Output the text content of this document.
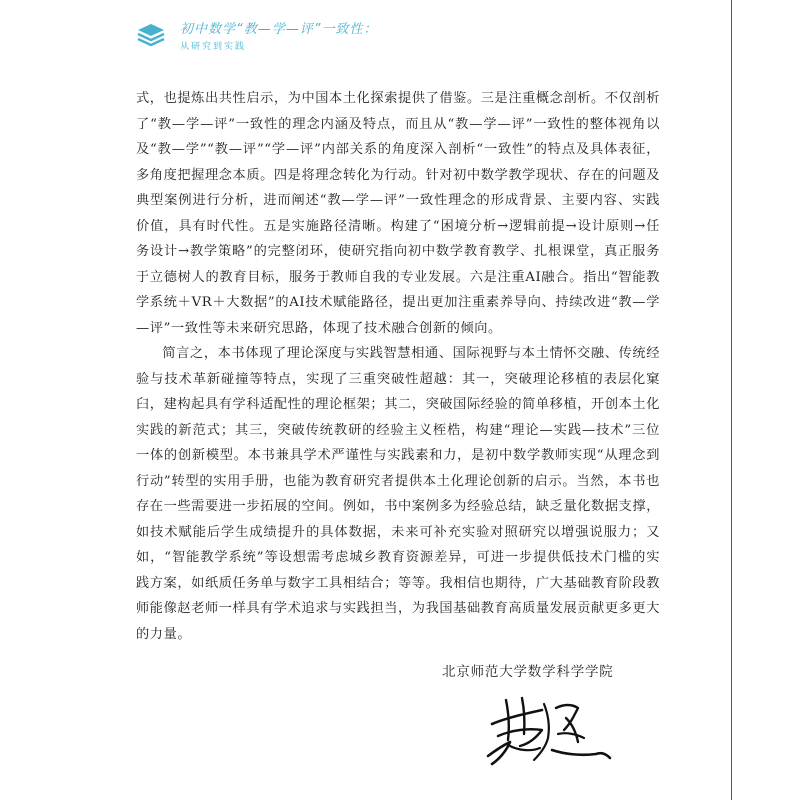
初中数学“教—学—评”一致性：
从研究到实践

式，也提炼出共性启示，为中国本土化探索提供了借鉴。三是注重概念剖析。不仅剖析了“教—学—评”一致性的理念内涵及特点，而且从“教—学—评”一致性的整体视角以及“教—学”“教—评”“学—评”内部关系的角度深入剖析“一致性”的特点及具体表征，多角度把握理念本质。四是将理念转化为行动。针对初中数学教学现状、存在的问题及典型案例进行分析，进而阐述“教—学—评”一致性理念的形成背景、主要内容、实践价值，具有时代性。五是实施路径清晰。构建了“困境分析→逻辑前提→设计原则→任务设计→教学策略”的完整闭环，使研究指向初中数学教育教学、扎根课堂，真正服务于立德树人的教育目标，服务于教师自我的专业发展。六是注重AI融合。指出“智能教学系统＋VR＋大数据”的AI技术赋能路径，提出更加注重素养导向、持续改进“教—学—评”一致性等未来研究思路，体现了技术融合创新的倾向。

简言之，本书体现了理论深度与实践智慧相通、国际视野与本土情怀交融、传统经验与技术革新碰撞等特点，实现了三重突破性超越：其一，突破理论移植的表层化窠臼，建构起具有学科适配性的理论框架；其二，突破国际经验的简单移植，开创本土化实践的新范式；其三，突破传统教研的经验主义桎梏，构建“理论—实践—技术”三位一体的创新模型。本书兼具学术严谨性与实践素和力，是初中数学教师实现“从理念到行动”转型的实用手册，也能为教育研究者提供本土化理论创新的启示。当然，本书也存在一些需要进一步拓展的空间。例如，书中案例多为经验总结，缺乏量化数据支撑，如技术赋能后学生成绩提升的具体数据，未来可补充实验对照研究以增强说服力；又如，“智能教学系统”等设想需考虑城乡教育资源差异，可进一步提供低技术门槛的实践方案，如纸质任务单与数字工具相结合；等等。我相信也期待，广大基础教育阶段教师能像赵老师一样具有学术追求与实践担当，为我国基础教育高质量发展贡献更多更大的力量。

北京师范大学数学科学学院
